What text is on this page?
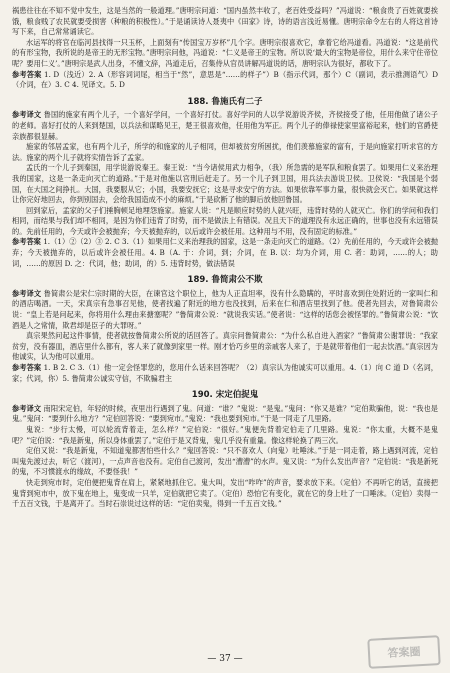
祸患往往在不知不觉中发生，这是当然的一般道理。”唐明宗问道：“国内虽然丰收了，老百姓受益吗？”冯道说：“粮食贵了百姓就要挨饿，粮食贱了农民就要受损害（种粮的积极性）。”于是诵读诗人聂夷中《田家》诗，诗的语言浅近易懂。唐明宗命令左右的人将这首诗写下来，自己常常诵读它。

水运军的将官在临河县找得一只玉杯，上面刻有“传国宝万岁杯”几个字。唐明宗很喜欢它，拿着它给冯道看。冯道说：“这是前代的有形宝物，我所说的是帝王的无形宝物。”唐明宗问他，冯道说：“仁义是帝王的宝物。所以说‘最大的宝物是帝位，用什么来守住帝位呢？要用仁义’。”唐明宗是武人出身，不懂文辞，冯道走后，召集侍从官员讲解冯道说的话，唐明宗认为很好，都收下了。

参考答案 1. D（浅近）2. A（形容词词尾，相当于“然”，意思是“……的样子”）B（指示代词，那个）C（副词，表示推测语气）D（介词，在）3. C 4. 见译文。5. D

188. 鲁施氏有二子

参考译文 鲁国的施家有两个儿子，一个喜好学问，一个喜好打仗。喜好学问的人以学说游说齐侯，齐侯接受了他，任用他做了诸公子的老师。喜好打仗的人来到楚国，以兵法和谋略见王，楚王很喜欢他，任用他为军正。两个儿子的俸禄使家里富裕起来，他们的官爵使亲族都很显赫。

施家的邻居孟家，也有两个儿子，所学的和施家的儿子相同，但却被贫穷所困扰，他们羡慕施家的富有，于是向施家打听求官的方法。施家的两个儿子就将实情告诉了孟家。

孟氏的一个儿子到秦国，用学说游说秦王。秦王说：“当今诸侯用武力相争，（我）所急需的是军队和粮食罢了。如果用仁义来治理我的国家，这是一条走向灭亡的道路。”于是对他施以宫刑后赶走了。另一个儿子到卫国，用兵法去游说卫侯。卫侯说：“我国是个弱国，在大国之间挣扎。大国，我要服从它；小国，我要安抚它；这是寻求安宁的方法。如果依靠军事力量，很快就会灭亡。如果就这样让你完好地回去，你到别国去，会给我国造成不小的麻烦。”于是砍断了他的脚后放他回鲁国。

回到家后，孟家的父子们捶胸顿足地埋怨施家。施家人说：“凡是顺应时势的人就兴旺，违背时势的人就灭亡。你们的学问和我们相同，而结果与我们却不相同，是因为你们违背了时势，而不是做法上有错误。况且天下的道理没有永远正确的，世事也没有永远错误的。先前任用的，今天或许会被抛弃；今天被抛弃的，以后或许会被任用。这种用与不用，没有固定的标准。”

参考答案 1.（1）②（2）③ 2. C 3.（1）如果用仁义来治理我的国家，这是一条走向灭亡的道路。（2）先前任用的，今天或许会被抛弃；今天被抛弃的，以后或许会被任用。4. B（A. 于：介词，到；介词，在 B. 以：均为介词，用 C. 者：助词，……的人；助词，……的原因 D. 之：代词，他；助词，的）5. 违背时势，做法错误

189. 鲁简肃公不欺

参考译文 鲁简肃公是宋仁宗时期的大臣，在谏官这个职位上，他为人正直坦率，没有什么隐瞒的，平时喜欢到住处附近的一家叫仁和的酒店喝酒。一天，宋真宗有急事召见他，使者找遍了附近的地方也没找到，后来在仁和酒店里找到了他。使者先回去，对鲁简肃公说：“皇上若是问起来，你将用什么理由来搪塞呢？”鲁简肃公说：“就说我实话。”使者说：“这样的话您会被怪罪的。”鲁简肃公说：“饮酒是人之常情，欺君却是臣子的大罪呀。”

真宗果然问起这件事情，使者就按鲁简肃公所说的话回答了。真宗问鲁简肃公：“为什么私自进入酒家？”鲁简肃公谢罪说：“我家贫穷，没有器皿，酒店里什么都有，客人来了就像到家里一样。刚才恰巧乡里的亲戚客人来了，于是就带着他们一起去饮酒。”真宗因为他诚实，认为他可以重用。

参考答案 1. B 2. C 3.（1）他一定会怪罪您的，您用什么话来回答呢？（2）真宗认为他诚实可以重用。4.（1）向 C 道 D（名词，家；代词，你）5. 鲁简肃公诚实守信，不欺骗君主

190. 宋定伯捉鬼

参考译文 南阳宋定伯，年轻的时候，夜里出行遇到了鬼。问道：“谁？”鬼说：“是鬼。”鬼问：“你又是谁？”定伯欺骗他，说：“我也是鬼。”鬼问：“要到什么地方？”定伯回答说：“要到宛市。”鬼说：“我也要到宛市。”于是一同走了几里路。

鬼说：“步行太慢，可以轮流背着走，怎么样？”定伯说：“很好。”鬼便先背着定伯走了几里路。鬼说：“你太重，大概不是鬼吧？”定伯说：“我是新鬼，所以身体重罢了。”定伯于是又背鬼，鬼几乎没有重量。像这样轮换了两三次。

定伯又说：“我是新鬼，不知道鬼都害怕些什么？”鬼回答说：“只不喜欢人（向鬼）吐唾沫。”于是一同走着，路上遇到河流，定伯叫鬼先渡过去，听它（渡河），一点声音也没有。定伯自己渡河，发出“漕漕”的水声。鬼又说：“为什么发出声音？”定伯说：“我是新死的鬼，不习惯渡水的缘故，不要怪我！”

快走到宛市时，定伯便把鬼背在肩上，紧紧地抓住它。鬼大叫，发出“咋咋”的声音，要求放下来。（定伯）不再听它的话，直接把鬼背到宛市中，放下鬼在地上，鬼变成一只羊，定伯就把它卖了。（定伯）恐怕它有变化，就在它的身上吐了一口唾沫。（定伯）卖得一千五百文钱，于是离开了。当时石崇说过这样的话：“定伯卖鬼，得到一千五百文钱。”

— 37 —	答案圈
